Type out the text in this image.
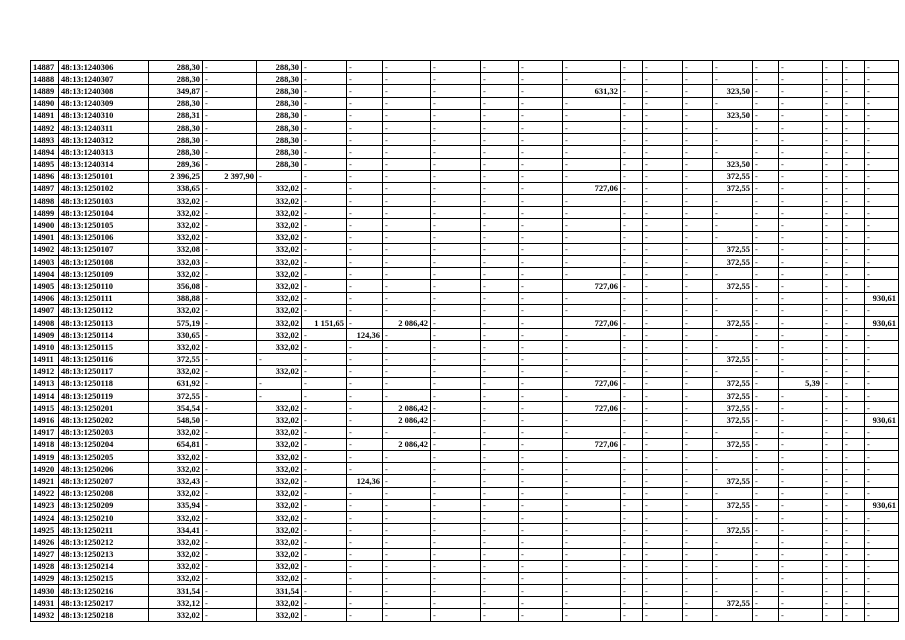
14887	48:13:1240306	288,30	-	288,30	-	-	-	-	-	-	-	-	-	-	-	-	-	-	-	-
14888	48:13:1240307	288,30	-	288,30	-	-	-	-	-	-	-	-	-	-	-	-	-	-	-	-
14889	48:13:1240308	349,87	-	288,30	-	-	-	-	-	-	631,32	-	-	-	323,50	-	-	-	-	-
14890	48:13:1240309	288,30	-	288,30	-	-	-	-	-	-	-	-	-	-	-	-	-	-	-	-
14891	48:13:1240310	288,31	-	288,30	-	-	-	-	-	-	-	-	-	-	323,50	-	-	-	-	-
14892	48:13:1240311	288,30	-	288,30	-	-	-	-	-	-	-	-	-	-	-	-	-	-	-	-
14893	48:13:1240312	288,30	-	288,30	-	-	-	-	-	-	-	-	-	-	-	-	-	-	-	-
14894	48:13:1240313	288,30	-	288,30	-	-	-	-	-	-	-	-	-	-	-	-	-	-	-	-
14895	48:13:1240314	289,36	-	288,30	-	-	-	-	-	-	-	-	-	-	323,50	-	-	-	-	-
14896	48:13:1250101	2 396,25	2 397,90	-	-	-	-	-	-	-	-	-	-	-	372,55	-	-	-	-	-
14897	48:13:1250102	338,65	-	332,02	-	-	-	-	-	-	727,06	-	-	-	372,55	-	-	-	-	-
14898	48:13:1250103	332,02	-	332,02	-	-	-	-	-	-	-	-	-	-	-	-	-	-	-	-
14899	48:13:1250104	332,02	-	332,02	-	-	-	-	-	-	-	-	-	-	-	-	-	-	-	-
14900	48:13:1250105	332,02	-	332,02	-	-	-	-	-	-	-	-	-	-	-	-	-	-	-	-
14901	48:13:1250106	332,02	-	332,02	-	-	-	-	-	-	-	-	-	-	-	-	-	-	-	-
14902	48:13:1250107	332,08	-	332,02	-	-	-	-	-	-	-	-	-	-	372,55	-	-	-	-	-
14903	48:13:1250108	332,03	-	332,02	-	-	-	-	-	-	-	-	-	-	372,55	-	-	-	-	-
14904	48:13:1250109	332,02	-	332,02	-	-	-	-	-	-	-	-	-	-	-	-	-	-	-	-
14905	48:13:1250110	356,08	-	332,02	-	-	-	-	-	-	727,06	-	-	-	372,55	-	-	-	-	-
14906	48:13:1250111	388,88	-	332,02	-	-	-	-	-	-	-	-	-	-	-	-	-	-	-	930,61
14907	48:13:1250112	332,02	-	332,02	-	-	-	-	-	-	-	-	-	-	-	-	-	-	-	-
14908	48:13:1250113	575,19	-	332,02	1 151,65	-	2 086,42	-	-	-	727,06	-	-	-	372,55	-	-	-	-	930,61
14909	48:13:1250114	330,65	-	332,02	-	124,36	-	-	-	-	-	-	-	-	-	-	-	-	-	-
14910	48:13:1250115	332,02	-	332,02	-	-	-	-	-	-	-	-	-	-	-	-	-	-	-	-
14911	48:13:1250116	372,55	-	-	-	-	-	-	-	-	-	-	-	-	372,55	-	-	-	-	-
14912	48:13:1250117	332,02	-	332,02	-	-	-	-	-	-	-	-	-	-	-	-	-	-	-	-
14913	48:13:1250118	631,92	-	-	-	-	-	-	-	-	727,06	-	-	-	372,55	-	5,39	-	-	-
14914	48:13:1250119	372,55	-	-	-	-	-	-	-	-	-	-	-	-	372,55	-	-	-	-	-
14915	48:13:1250201	354,54	-	332,02	-	-	2 086,42	-	-	-	727,06	-	-	-	372,55	-	-	-	-	-
14916	48:13:1250202	548,50	-	332,02	-	-	2 086,42	-	-	-	-	-	-	-	372,55	-	-	-	-	930,61
14917	48:13:1250203	332,02	-	332,02	-	-	-	-	-	-	-	-	-	-	-	-	-	-	-	-
14918	48:13:1250204	654,81	-	332,02	-	-	2 086,42	-	-	-	727,06	-	-	-	372,55	-	-	-	-	-
14919	48:13:1250205	332,02	-	332,02	-	-	-	-	-	-	-	-	-	-	-	-	-	-	-	-
14920	48:13:1250206	332,02	-	332,02	-	-	-	-	-	-	-	-	-	-	-	-	-	-	-	-
14921	48:13:1250207	332,43	-	332,02	-	124,36	-	-	-	-	-	-	-	-	372,55	-	-	-	-	-
14922	48:13:1250208	332,02	-	332,02	-	-	-	-	-	-	-	-	-	-	-	-	-	-	-	-
14923	48:13:1250209	335,94	-	332,02	-	-	-	-	-	-	-	-	-	-	372,55	-	-	-	-	930,61
14924	48:13:1250210	332,02	-	332,02	-	-	-	-	-	-	-	-	-	-	-	-	-	-	-	-
14925	48:13:1250211	334,41	-	332,02	-	-	-	-	-	-	-	-	-	-	372,55	-	-	-	-	-
14926	48:13:1250212	332,02	-	332,02	-	-	-	-	-	-	-	-	-	-	-	-	-	-	-	-
14927	48:13:1250213	332,02	-	332,02	-	-	-	-	-	-	-	-	-	-	-	-	-	-	-	-
14928	48:13:1250214	332,02	-	332,02	-	-	-	-	-	-	-	-	-	-	-	-	-	-	-	-
14929	48:13:1250215	332,02	-	332,02	-	-	-	-	-	-	-	-	-	-	-	-	-	-	-	-
14930	48:13:1250216	331,54	-	331,54	-	-	-	-	-	-	-	-	-	-	-	-	-	-	-	-
14931	48:13:1250217	332,12	-	332,02	-	-	-	-	-	-	-	-	-	-	372,55	-	-	-	-	-
14932	48:13:1250218	332,02	-	332,02	-	-	-	-	-	-	-	-	-	-	-	-	-	-	-	-
